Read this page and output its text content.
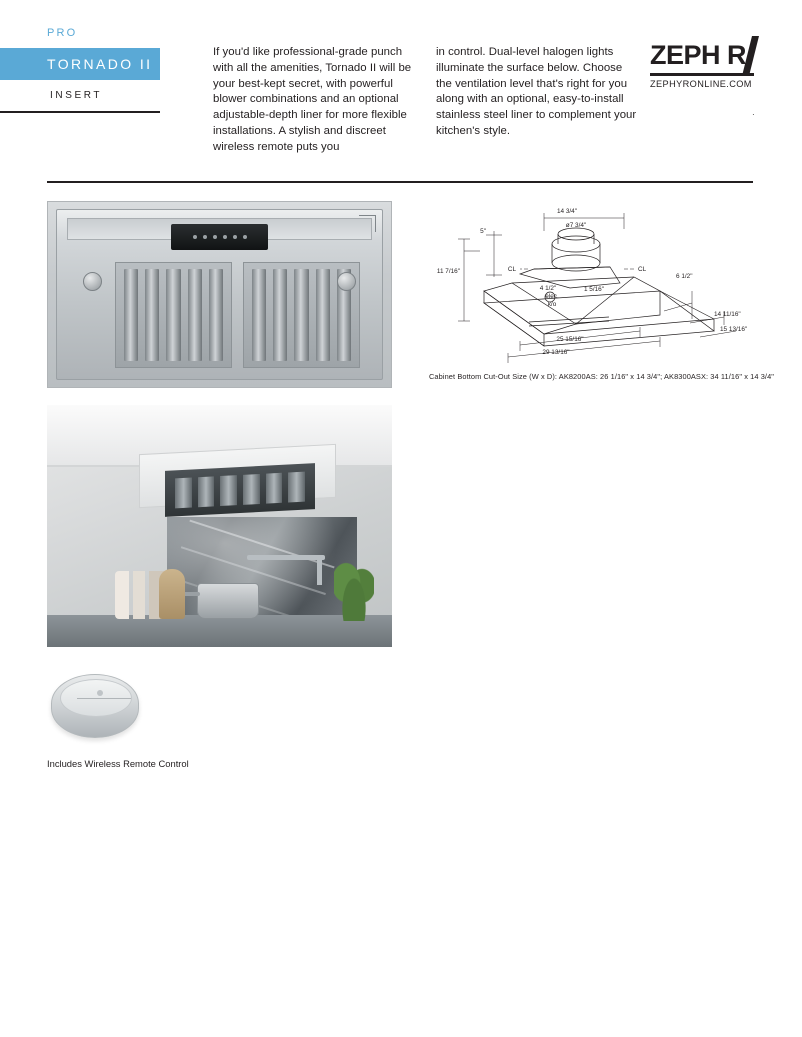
PRO
TORNADO II
INSERT
If you'd like professional-grade punch with all the amenities, Tornado II will be your best-kept secret, with powerful blower combinations and an optional adjustable-depth liner for more flexible installations. A stylish and discreet wireless remote puts you
in control. Dual-level halogen lights illuminate the surface below. Choose the ventilation level that's right for you along with an optional, easy-to-install stainless steel liner to complement your kitchen's style.
ZEPH R
ZEPHYRONLINE.COM
·
Includes Wireless Remote Control
14 3/4"
ø7 3/4"
5"
11 7/16"
4 1/2"
elec.
k/o
1 5/16"
6 1/2"
CL	CL
25 15/16"
29 13/16"
14 11/16"
15 13/16"
Cabinet Bottom Cut-Out Size (W x D): AK8200AS: 26 1/16" x 14 3/4"; AK8300ASX: 34 11/16" x 14 3/4"
